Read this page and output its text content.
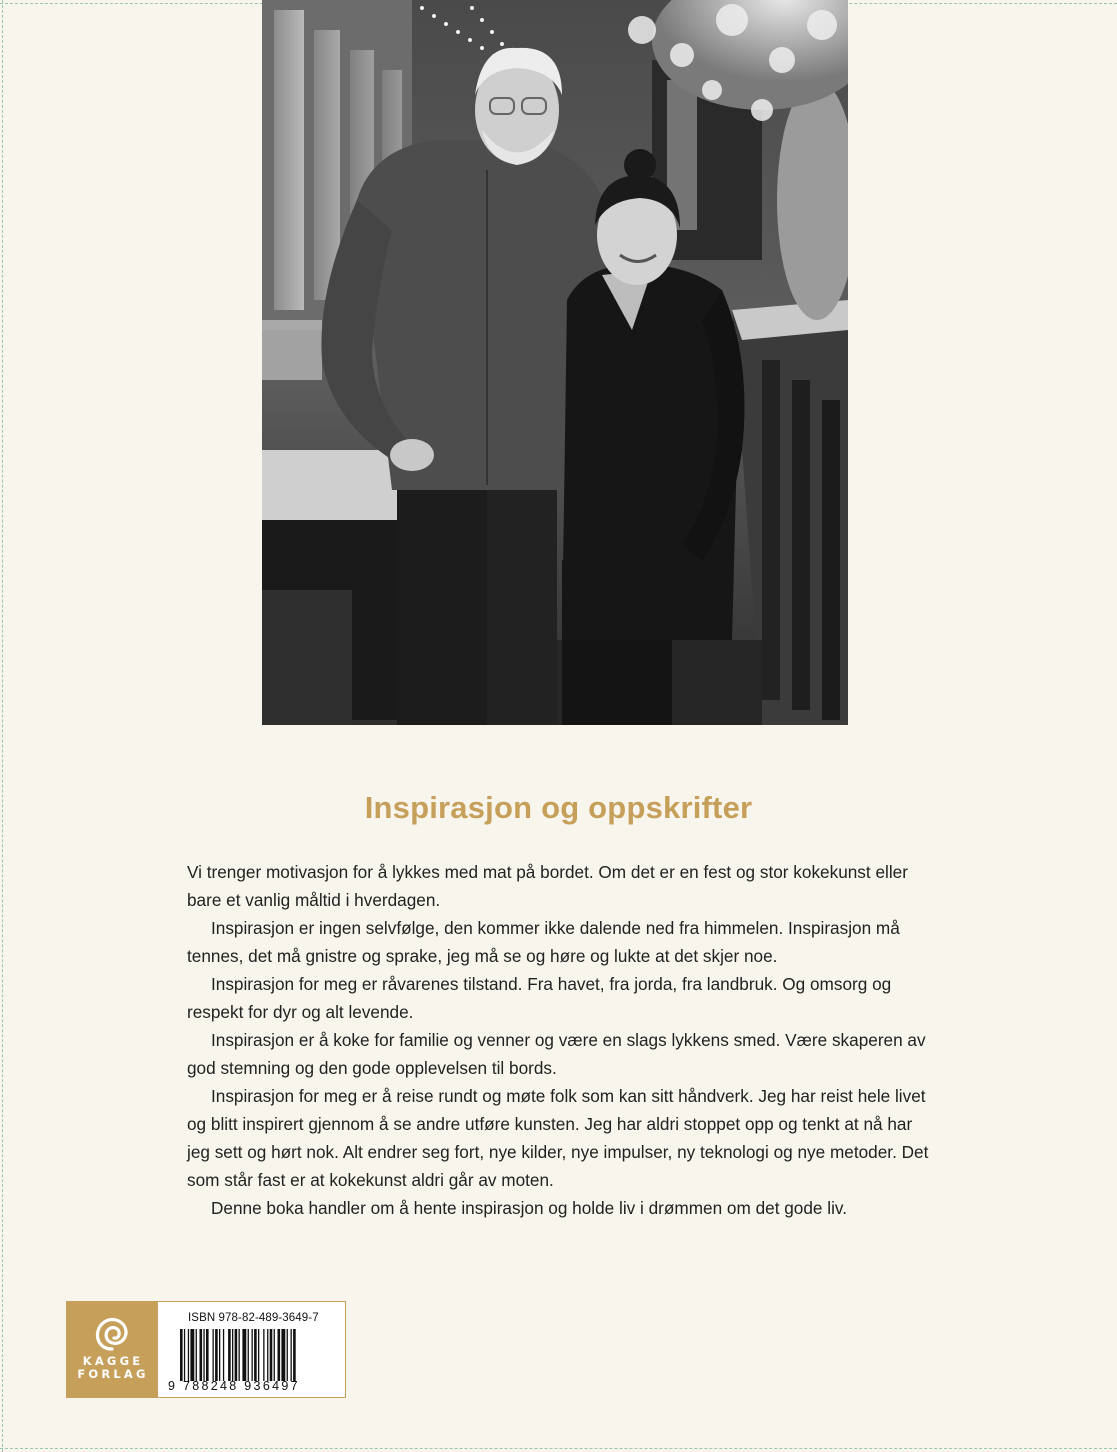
Inspirasjon og oppskrifter

Vi trenger motivasjon for å lykkes med mat på bordet. Om det er en fest og stor kokekunst eller bare et vanlig måltid i hverdagen.

Inspirasjon er ingen selvfølge, den kommer ikke dalende ned fra himmelen. Inspirasjon må tennes, det må gnistre og sprake, jeg må se og høre og lukte at det skjer noe.

Inspirasjon for meg er råvarenes tilstand. Fra havet, fra jorda, fra landbruk. Og omsorg og respekt for dyr og alt levende.

Inspirasjon er å koke for familie og venner og være en slags lykkens smed. Være skaperen av god stemning og den gode opplevelsen til bords.

Inspirasjon for meg er å reise rundt og møte folk som kan sitt håndverk. Jeg har reist hele livet og blitt inspirert gjennom å se andre utføre kunsten. Jeg har aldri stoppet opp og tenkt at nå har jeg sett og hørt nok. Alt endrer seg fort, nye kilder, nye impulser, ny teknologi og nye metoder. Det som står fast er at kokekunst aldri går av moten.

Denne boka handler om å hente inspirasjon og holde liv i drømmen om det gode liv.

KAGGE
FORLAG
ISBN 978-82-489-3649-7
9 788248 936497
